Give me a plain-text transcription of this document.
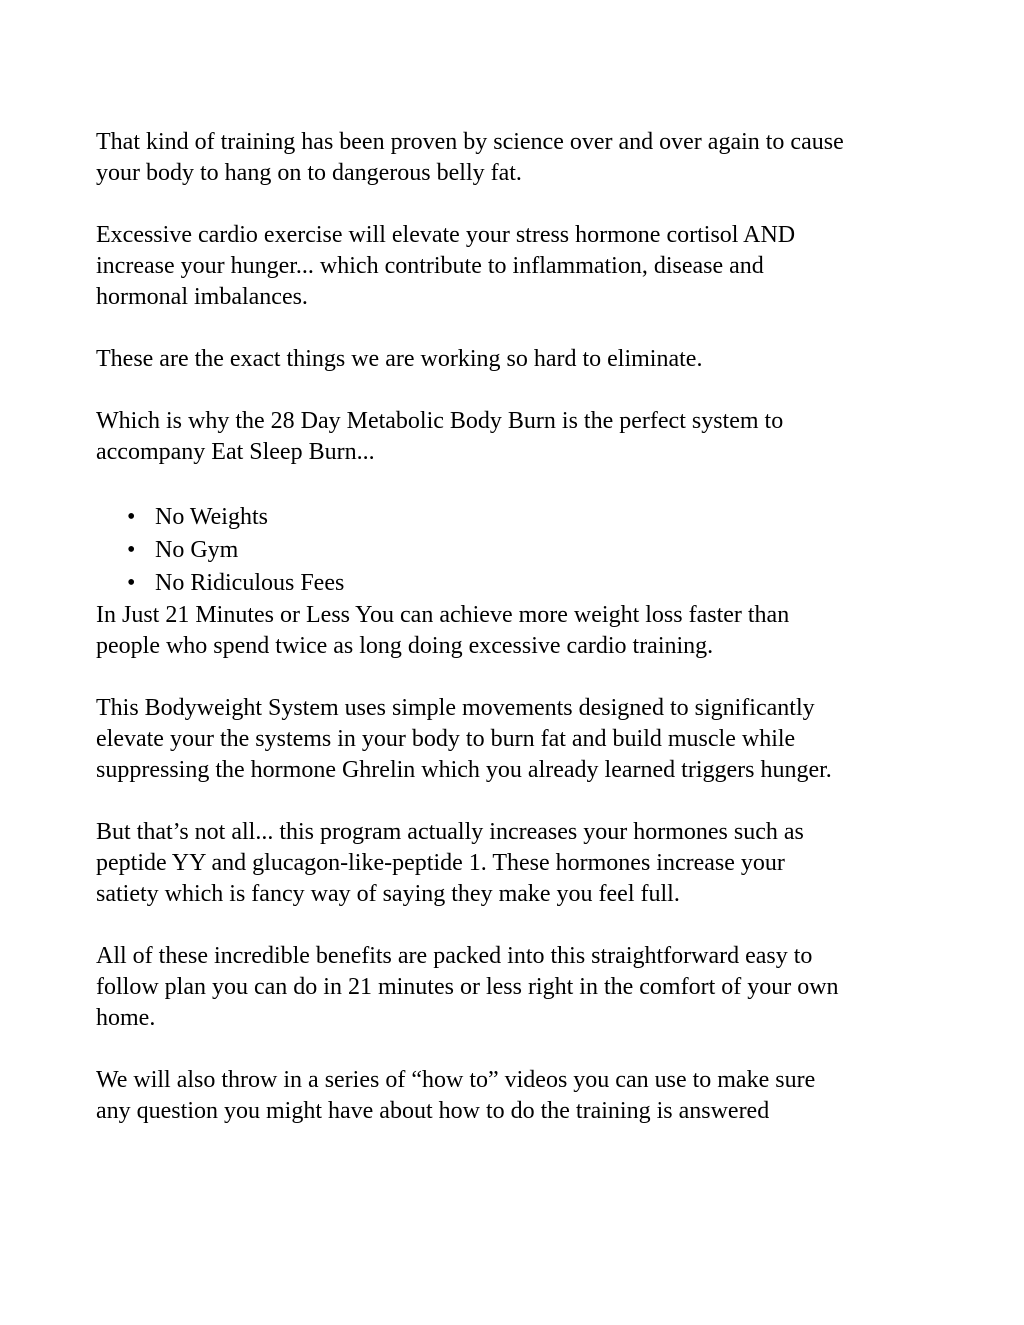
That kind of training has been proven by science over and over again to cause
your body to hang on to dangerous belly fat.

Excessive cardio exercise will elevate your stress hormone cortisol AND
increase your hunger... which contribute to inflammation, disease and
hormonal imbalances.

These are the exact things we are working so hard to eliminate.

Which is why the 28 Day Metabolic Body Burn is the perfect system to
accompany Eat Sleep Burn...

• No Weights
• No Gym
• No Ridiculous Fees

In Just 21 Minutes or Less You can achieve more weight loss faster than
people who spend twice as long doing excessive cardio training.

This Bodyweight System uses simple movements designed to significantly
elevate your the systems in your body to burn fat and build muscle while
suppressing the hormone Ghrelin which you already learned triggers hunger.

But that’s not all... this program actually increases your hormones such as
peptide YY and glucagon-like-peptide 1. These hormones increase your
satiety which is fancy way of saying they make you feel full.

All of these incredible benefits are packed into this straightforward easy to
follow plan you can do in 21 minutes or less right in the comfort of your own
home.

We will also throw in a series of “how to” videos you can use to make sure
any question you might have about how to do the training is answered
